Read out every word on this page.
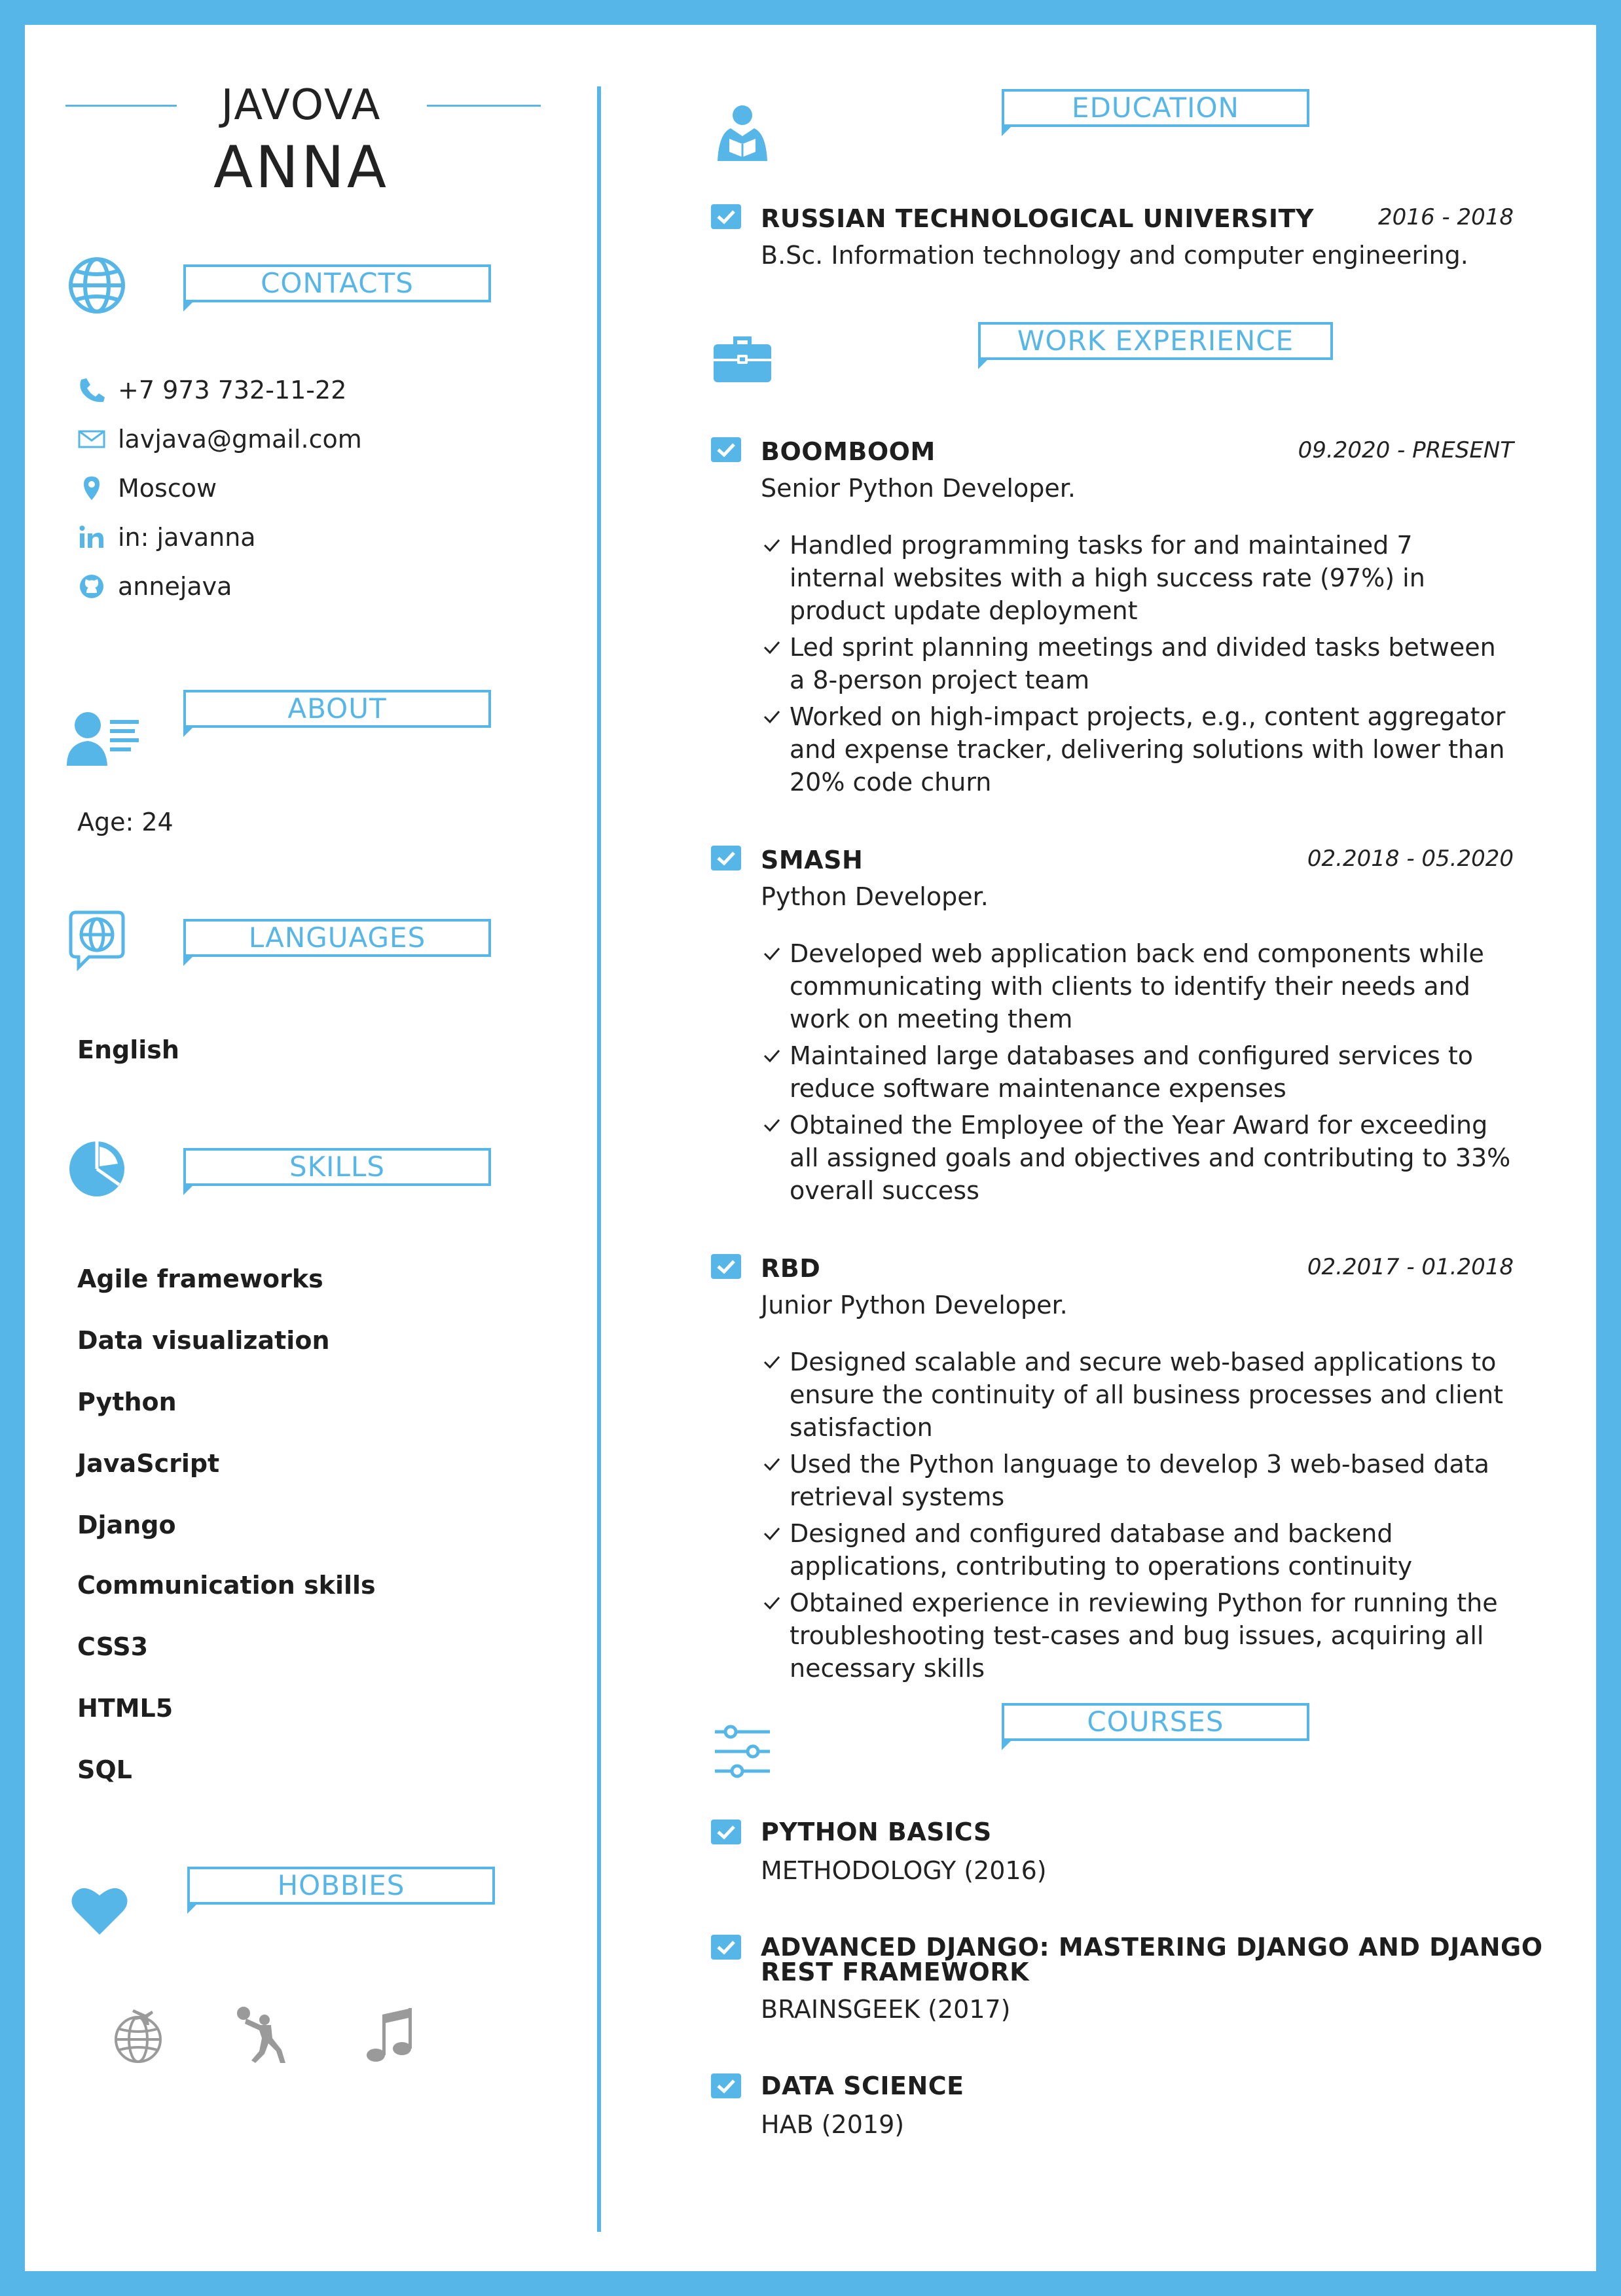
JAVOVA
ANNA
CONTACTS
+7 973 732-11-22
lavjava@gmail.com
Moscow
in: javanna
annejava
ABOUT
Age: 24
LANGUAGES
English
SKILLS
Agile frameworks
Data visualization
Python
JavaScript
Django
Communication skills
CSS3
HTML5
SQL
HOBBIES
EDUCATION
RUSSIAN TECHNOLOGICAL UNIVERSITY	2016 - 2018
B.Sc. Information technology and computer engineering.
WORK EXPERIENCE
BOOMBOOM	09.2020 - PRESENT
Senior Python Developer.
Handled programming tasks for and maintained 7 internal websites with a high success rate (97%) in product update deployment
Led sprint planning meetings and divided tasks between a 8-person project team
Worked on high-impact projects, e.g., content aggregator and expense tracker, delivering solutions with lower than 20% code churn
SMASH	02.2018 - 05.2020
Python Developer.
Developed web application back end components while communicating with clients to identify their needs and work on meeting them
Maintained large databases and configured services to reduce software maintenance expenses
Obtained the Employee of the Year Award for exceeding all assigned goals and objectives and contributing to 33% overall success
RBD	02.2017 - 01.2018
Junior Python Developer.
Designed scalable and secure web-based applications to ensure the continuity of all business processes and client satisfaction
Used the Python language to develop 3 web-based data retrieval systems
Designed and configured database and backend applications, contributing to operations continuity
Obtained experience in reviewing Python for running the troubleshooting test-cases and bug issues, acquiring all necessary skills
COURSES
PYTHON BASICS
METHODOLOGY (2016)
ADVANCED DJANGO: MASTERING DJANGO AND DJANGO REST FRAMEWORK
BRAINSGEEK (2017)
DATA SCIENCE
HAB (2019)
